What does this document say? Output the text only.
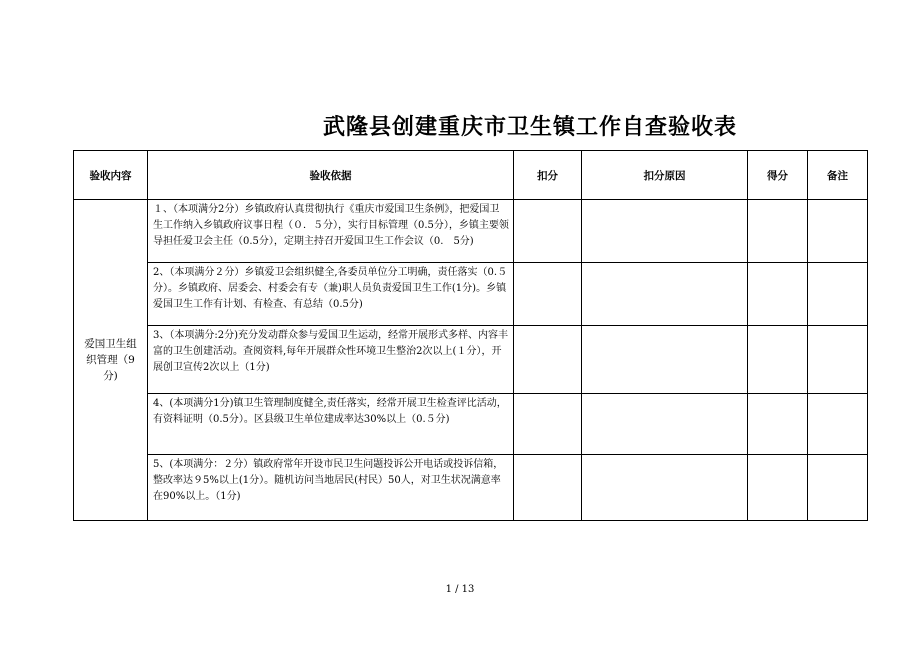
武隆县创建重庆市卫生镇工作自查验收表
验收内容	验收依据	扣分	扣分原因	得分	备注
爱国卫生组织管理（9分)	１、（本项满分2分）乡镇政府认真贯彻执行《重庆市爱国卫生条例》，把爱国卫生工作纳入乡镇政府议事日程（０．５分），实行目标管理（0.5分），乡镇主要领导担任爱卫会主任（0.5分），定期主持召开爱国卫生工作会议（0.　5分)				
	2、（本项满分２分）乡镇爱卫会组织健全,各委员单位分工明确，责任落实（0.５分）。乡镇政府、居委会、村委会有专（兼)职人员负责爱国卫生工作(1分)。乡镇爱国卫生工作有计划、有检查、有总结（0.5分)				
	3、（本项满分:2分)充分发动群众参与爱国卫生运动，经常开展形式多样、内容丰富的卫生创建活动。查阅资料,每年开展群众性环境卫生整治2次以上(１分），开展创卫宣传2次以上（1分)				
	4、(本项满分1分)镇卫生管理制度健全,责任落实，经常开展卫生检查评比活动，有资料证明（0.5分）。区县级卫生单位建成率达30%以上（0.５分)				
	5、(本项满分：２分）镇政府常年开设市民卫生问题投诉公开电话或投诉信箱，整改率达９5%以上(1分）。随机访问当地居民(村民）50人，对卫生状况满意率在90%以上。（1分)				
1 / 13
